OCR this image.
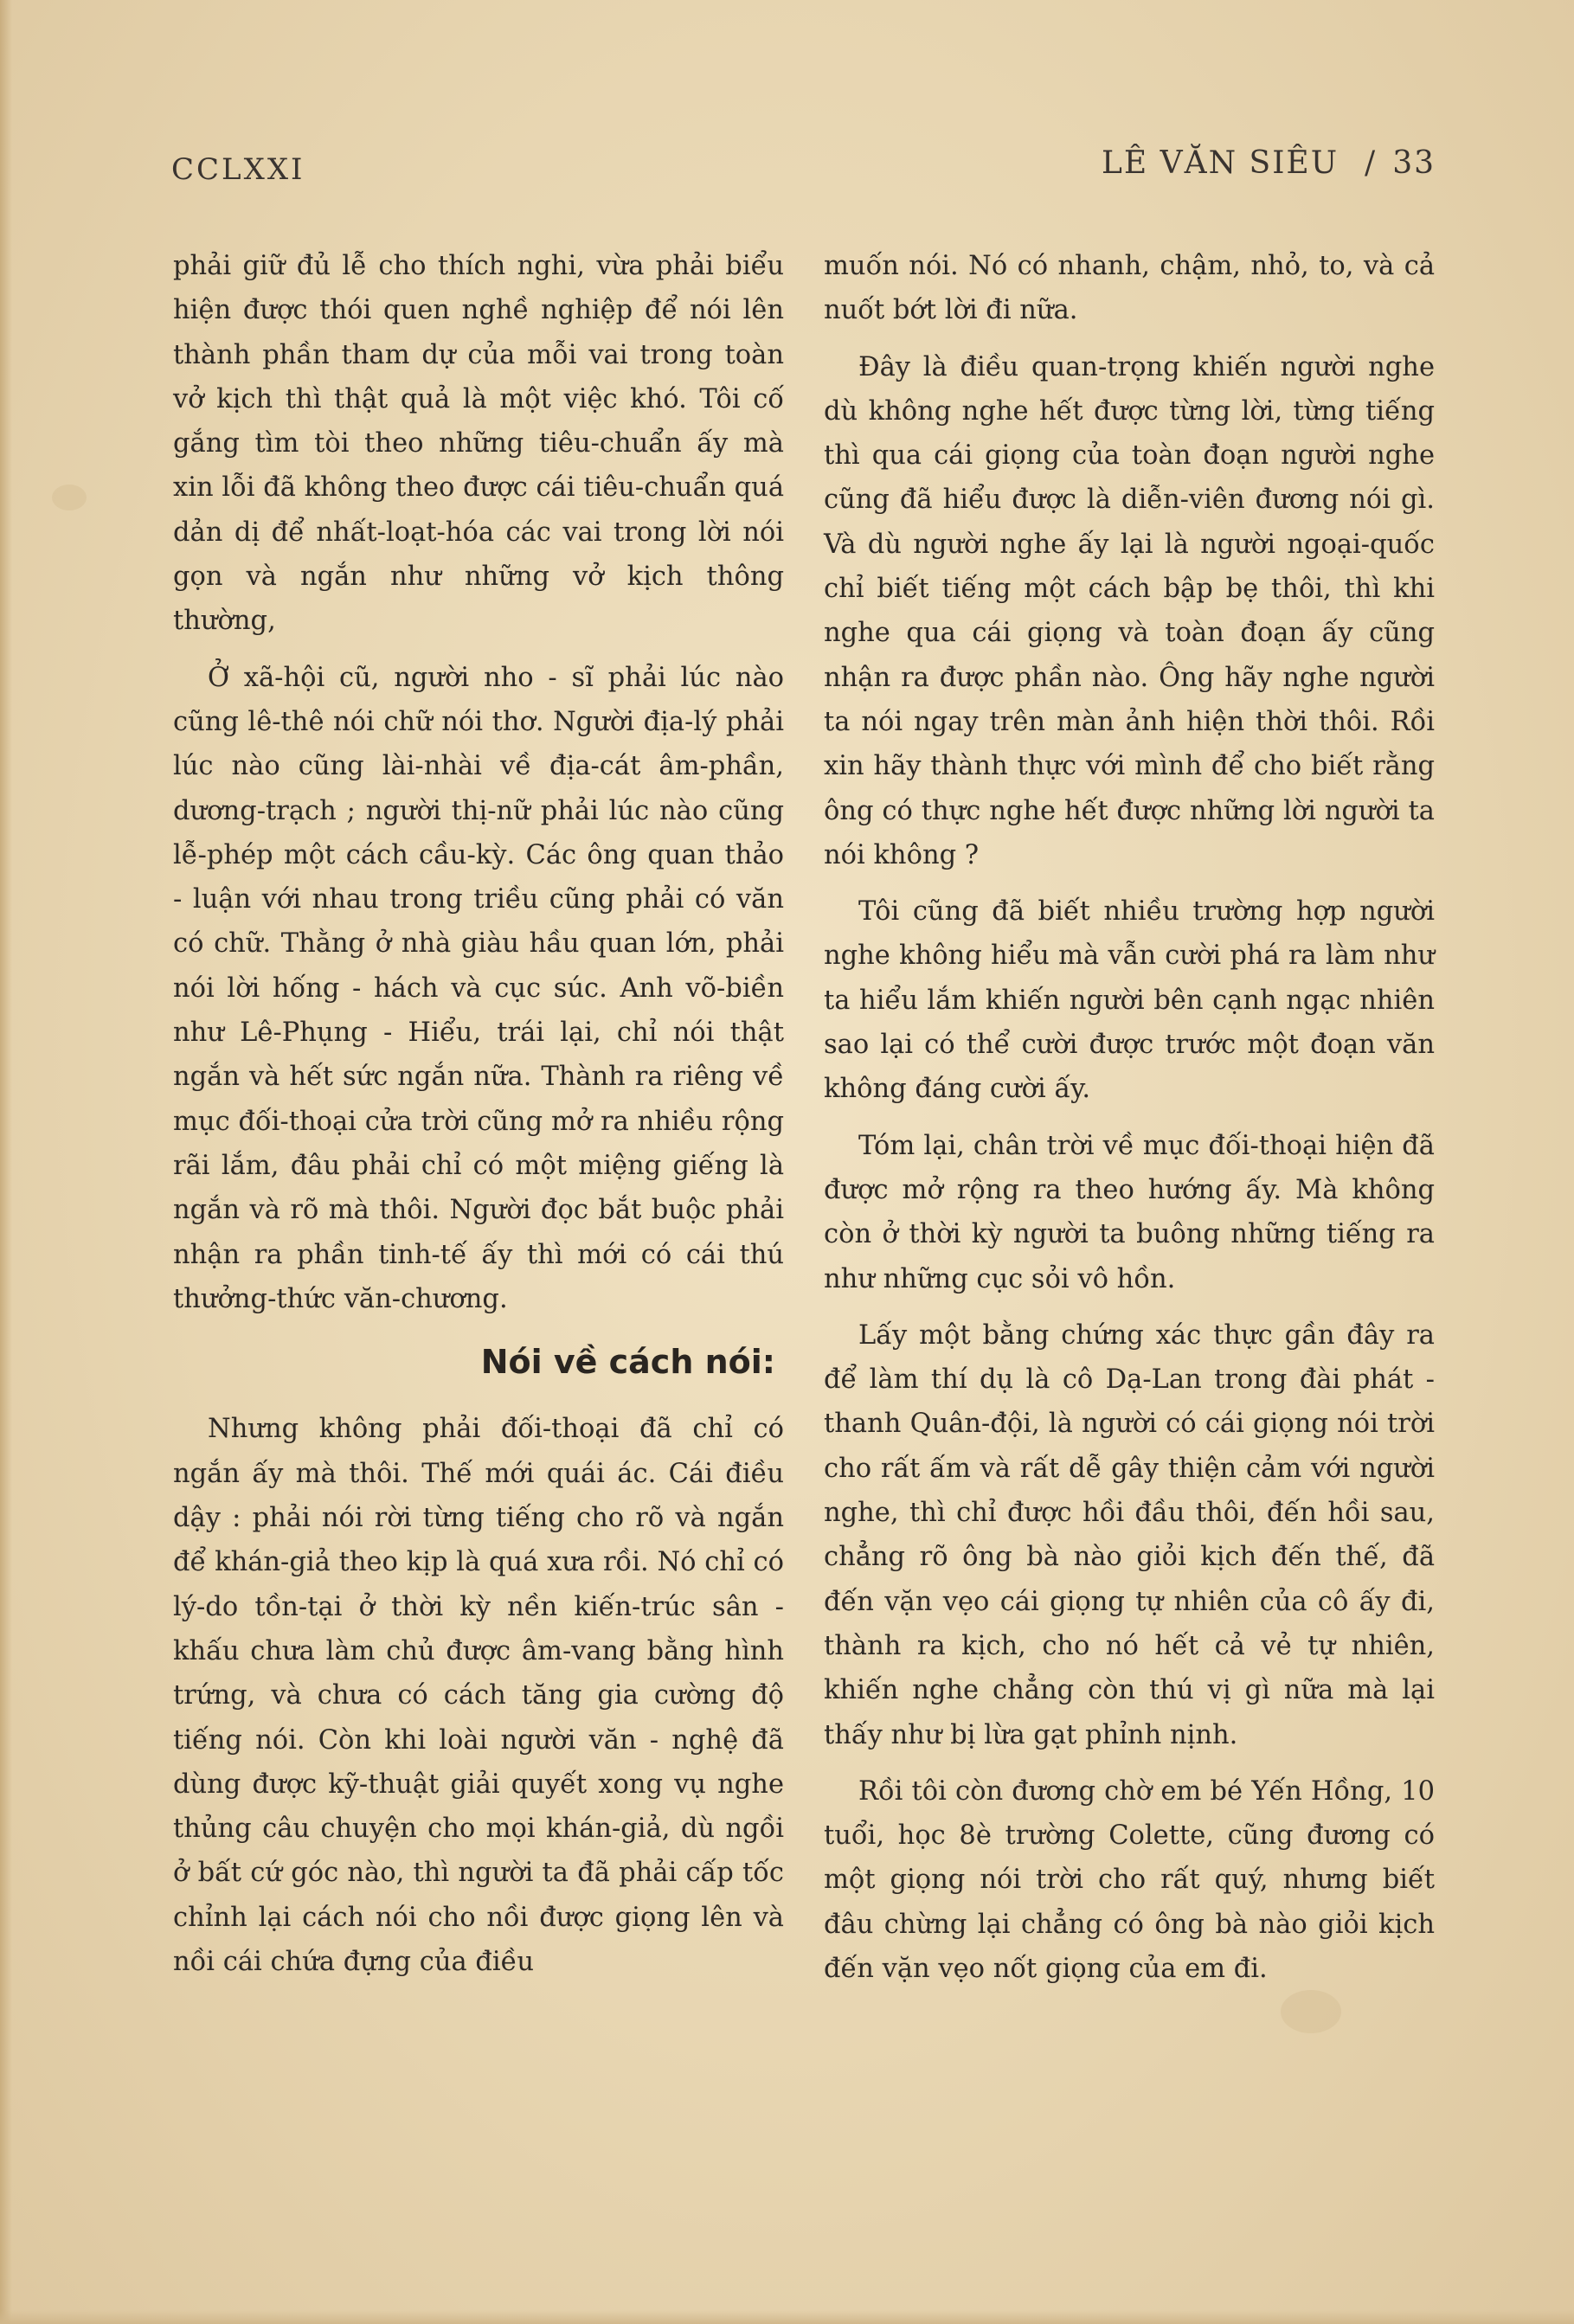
CCLXXI	LÊ VĂN SIÊU / 33

phải giữ đủ lễ cho thích nghi, vừa phải biểu hiện được thói quen nghề nghiệp để nói lên thành phần tham dự của mỗi vai trong toàn vở kịch thì thật quả là một việc khó. Tôi cố gắng tìm tòi theo những tiêu-chuẩn ấy mà xin lỗi đã không theo được cái tiêu-chuẩn quá dản dị để nhất-loạt-hóa các vai trong lời nói gọn và ngắn như những vở kịch thông thường,

Ở xã-hội cũ, người nho - sĩ phải lúc nào cũng lê-thê nói chữ nói thơ. Người địa-lý phải lúc nào cũng lài-nhài về địa-cát âm-phần, dương-trạch ; người thị-nữ phải lúc nào cũng lễ-phép một cách cầu-kỳ. Các ông quan thảo - luận với nhau trong triều cũng phải có văn có chữ. Thằng ở nhà giàu hầu quan lớn, phải nói lời hống - hách và cục súc. Anh võ-biền như Lê-Phụng - Hiểu, trái lại, chỉ nói thật ngắn và hết sức ngắn nữa. Thành ra riêng về mục đối-thoại cửa trời cũng mở ra nhiều rộng rãi lắm, đâu phải chỉ có một miệng giếng là ngắn và rõ mà thôi. Người đọc bắt buộc phải nhận ra phần tinh-tế ấy thì mới có cái thú thưởng-thức văn-chương.

Nói về cách nói:

Nhưng không phải đối-thoại đã chỉ có ngắn ấy mà thôi. Thế mới quái ác. Cái điều dậy : phải nói rời từng tiếng cho rõ và ngắn để khán-giả theo kịp là quá xưa rồi. Nó chỉ có lý-do tồn-tại ở thời kỳ nền kiến-trúc sân - khấu chưa làm chủ được âm-vang bằng hình trứng, và chưa có cách tăng gia cường độ tiếng nói. Còn khi loài người văn - nghệ đã dùng được kỹ-thuật giải quyết xong vụ nghe thủng câu chuyện cho mọi khán-giả, dù ngồi ở bất cứ góc nào, thì người ta đã phải cấp tốc chỉnh lại cách nói cho nồi được giọng lên và nồi cái chứa đựng của điều

muốn nói. Nó có nhanh, chậm, nhỏ, to, và cả nuốt bớt lời đi nữa.

Đây là điều quan-trọng khiến người nghe dù không nghe hết được từng lời, từng tiếng thì qua cái giọng của toàn đoạn người nghe cũng đã hiểu được là diễn-viên đương nói gì. Và dù người nghe ấy lại là người ngoại-quốc chỉ biết tiếng một cách bập bẹ thôi, thì khi nghe qua cái giọng và toàn đoạn ấy cũng nhận ra được phần nào. Ông hãy nghe người ta nói ngay trên màn ảnh hiện thời thôi. Rồi xin hãy thành thực với mình để cho biết rằng ông có thực nghe hết được những lời người ta nói không ?

Tôi cũng đã biết nhiều trường hợp người nghe không hiểu mà vẫn cười phá ra làm như ta hiểu lắm khiến người bên cạnh ngạc nhiên sao lại có thể cười được trước một đoạn văn không đáng cười ấy.

Tóm lại, chân trời về mục đối-thoại hiện đã được mở rộng ra theo hướng ấy. Mà không còn ở thời kỳ người ta buông những tiếng ra như những cục sỏi vô hồn.

Lấy một bằng chứng xác thực gần đây ra để làm thí dụ là cô Dạ-Lan trong đài phát - thanh Quân-đội, là người có cái giọng nói trời cho rất ấm và rất dễ gây thiện cảm với người nghe, thì chỉ được hồi đầu thôi, đến hồi sau, chẳng rõ ông bà nào giỏi kịch đến thế, đã đến vặn vẹo cái giọng tự nhiên của cô ấy đi, thành ra kịch, cho nó hết cả vẻ tự nhiên, khiến nghe chẳng còn thú vị gì nữa mà lại thấy như bị lừa gạt phỉnh nịnh.

Rồi tôi còn đương chờ em bé Yến Hồng, 10 tuổi, học 8è trường Colette, cũng đương có một giọng nói trời cho rất quý, nhưng biết đâu chừng lại chẳng có ông bà nào giỏi kịch đến vặn vẹo nốt giọng của em đi.
